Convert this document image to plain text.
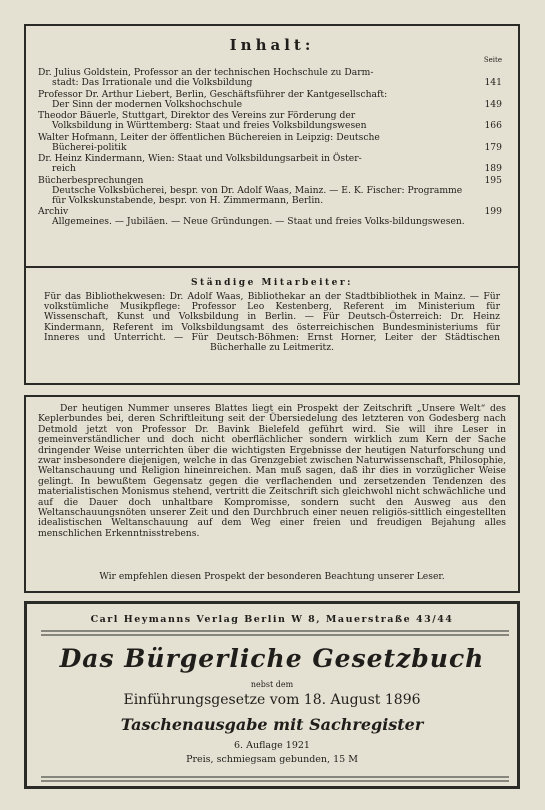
Inhalt:
Seite
Dr. Julius Goldstein, Professor an der technischen Hochschule zu Darm-
stadt: Das Irrationale und die Volksbildung	141
Professor Dr. Arthur Liebert, Berlin, Geschäftsführer der Kantgesellschaft:
Der Sinn der modernen Volkshochschule	149
Theodor Bäuerle, Stuttgart, Direktor des Vereins zur Förderung der
Volksbildung in Württemberg: Staat und freies Volksbildungswesen	166
Walter Hofmann, Leiter der öffentlichen Büchereien in Leipzig: Deutsche
Bücherei-politik	179
Dr. Heinz Kindermann, Wien: Staat und Volksbildungsarbeit in Öster-
reich	189
Bücherbesprechungen	195
Deutsche Volksbücherei, bespr. von Dr. Adolf Waas, Mainz. — E. K. Fischer: Programme für Volkskunstabende, bespr. von H. Zimmermann, Berlin.
Archiv	199
Allgemeines. — Jubiläen. — Neue Gründungen. — Staat und freies Volks-bildungswesen.
Ständige Mitarbeiter:
Für das Bibliothekwesen: Dr. Adolf Waas, Bibliothekar an der Stadtbibliothek in Mainz. — Für volkstümliche Musikpflege: Professor Leo Kestenberg, Referent im Ministerium für Wissenschaft, Kunst und Volksbildung in Berlin. — Für Deutsch-Österreich: Dr. Heinz Kindermann, Referent im Volksbildungsamt des österreichischen Bundesministeriums für Inneres und Unterricht. — Für Deutsch-Böhmen: Ernst Horner, Leiter der Städtischen Bücherhalle zu Leitmeritz.
Der heutigen Nummer unseres Blattes liegt ein Prospekt der Zeitschrift „Unsere Welt“ des Keplerbundes bei, deren Schriftleitung seit der Übersiedelung des letzteren von Godesberg nach Detmold jetzt von Professor Dr. Bavink Bielefeld geführt wird. Sie will ihre Leser in gemeinverständlicher und doch nicht oberflächlicher sondern wirklich zum Kern der Sache dringender Weise unterrichten über die wichtigsten Ergebnisse der heutigen Naturforschung und zwar insbesondere diejenigen, welche in das Grenzgebiet zwischen Naturwissenschaft, Philosophie, Weltanschauung und Religion hineinreichen. Man muß sagen, daß ihr dies in vorzüglicher Weise gelingt. In bewußtem Gegensatz gegen die verflachenden und zersetzenden Tendenzen des materialistischen Monismus stehend, vertritt die Zeitschrift sich gleichwohl nicht schwächliche und auf die Dauer doch unhaltbare Kompromisse, sondern sucht den Ausweg aus den Weltanschauungsnöten unserer Zeit und den Durchbruch einer neuen religiös-sittlich eingestellten idealistischen Weltanschauung auf dem Weg einer freien und freudigen Bejahung alles menschlichen Erkenntnisstrebens.
Wir empfehlen diesen Prospekt der besonderen Beachtung unserer Leser.
Carl Heymanns Verlag Berlin W 8, Mauerstraße 43/44
Das Bürgerliche Gesetzbuch
nebst dem
Einführungsgesetze vom 18. August 1896
Taschenausgabe mit Sachregister
6. Auflage 1921
Preis, schmiegsam gebunden, 15 M
